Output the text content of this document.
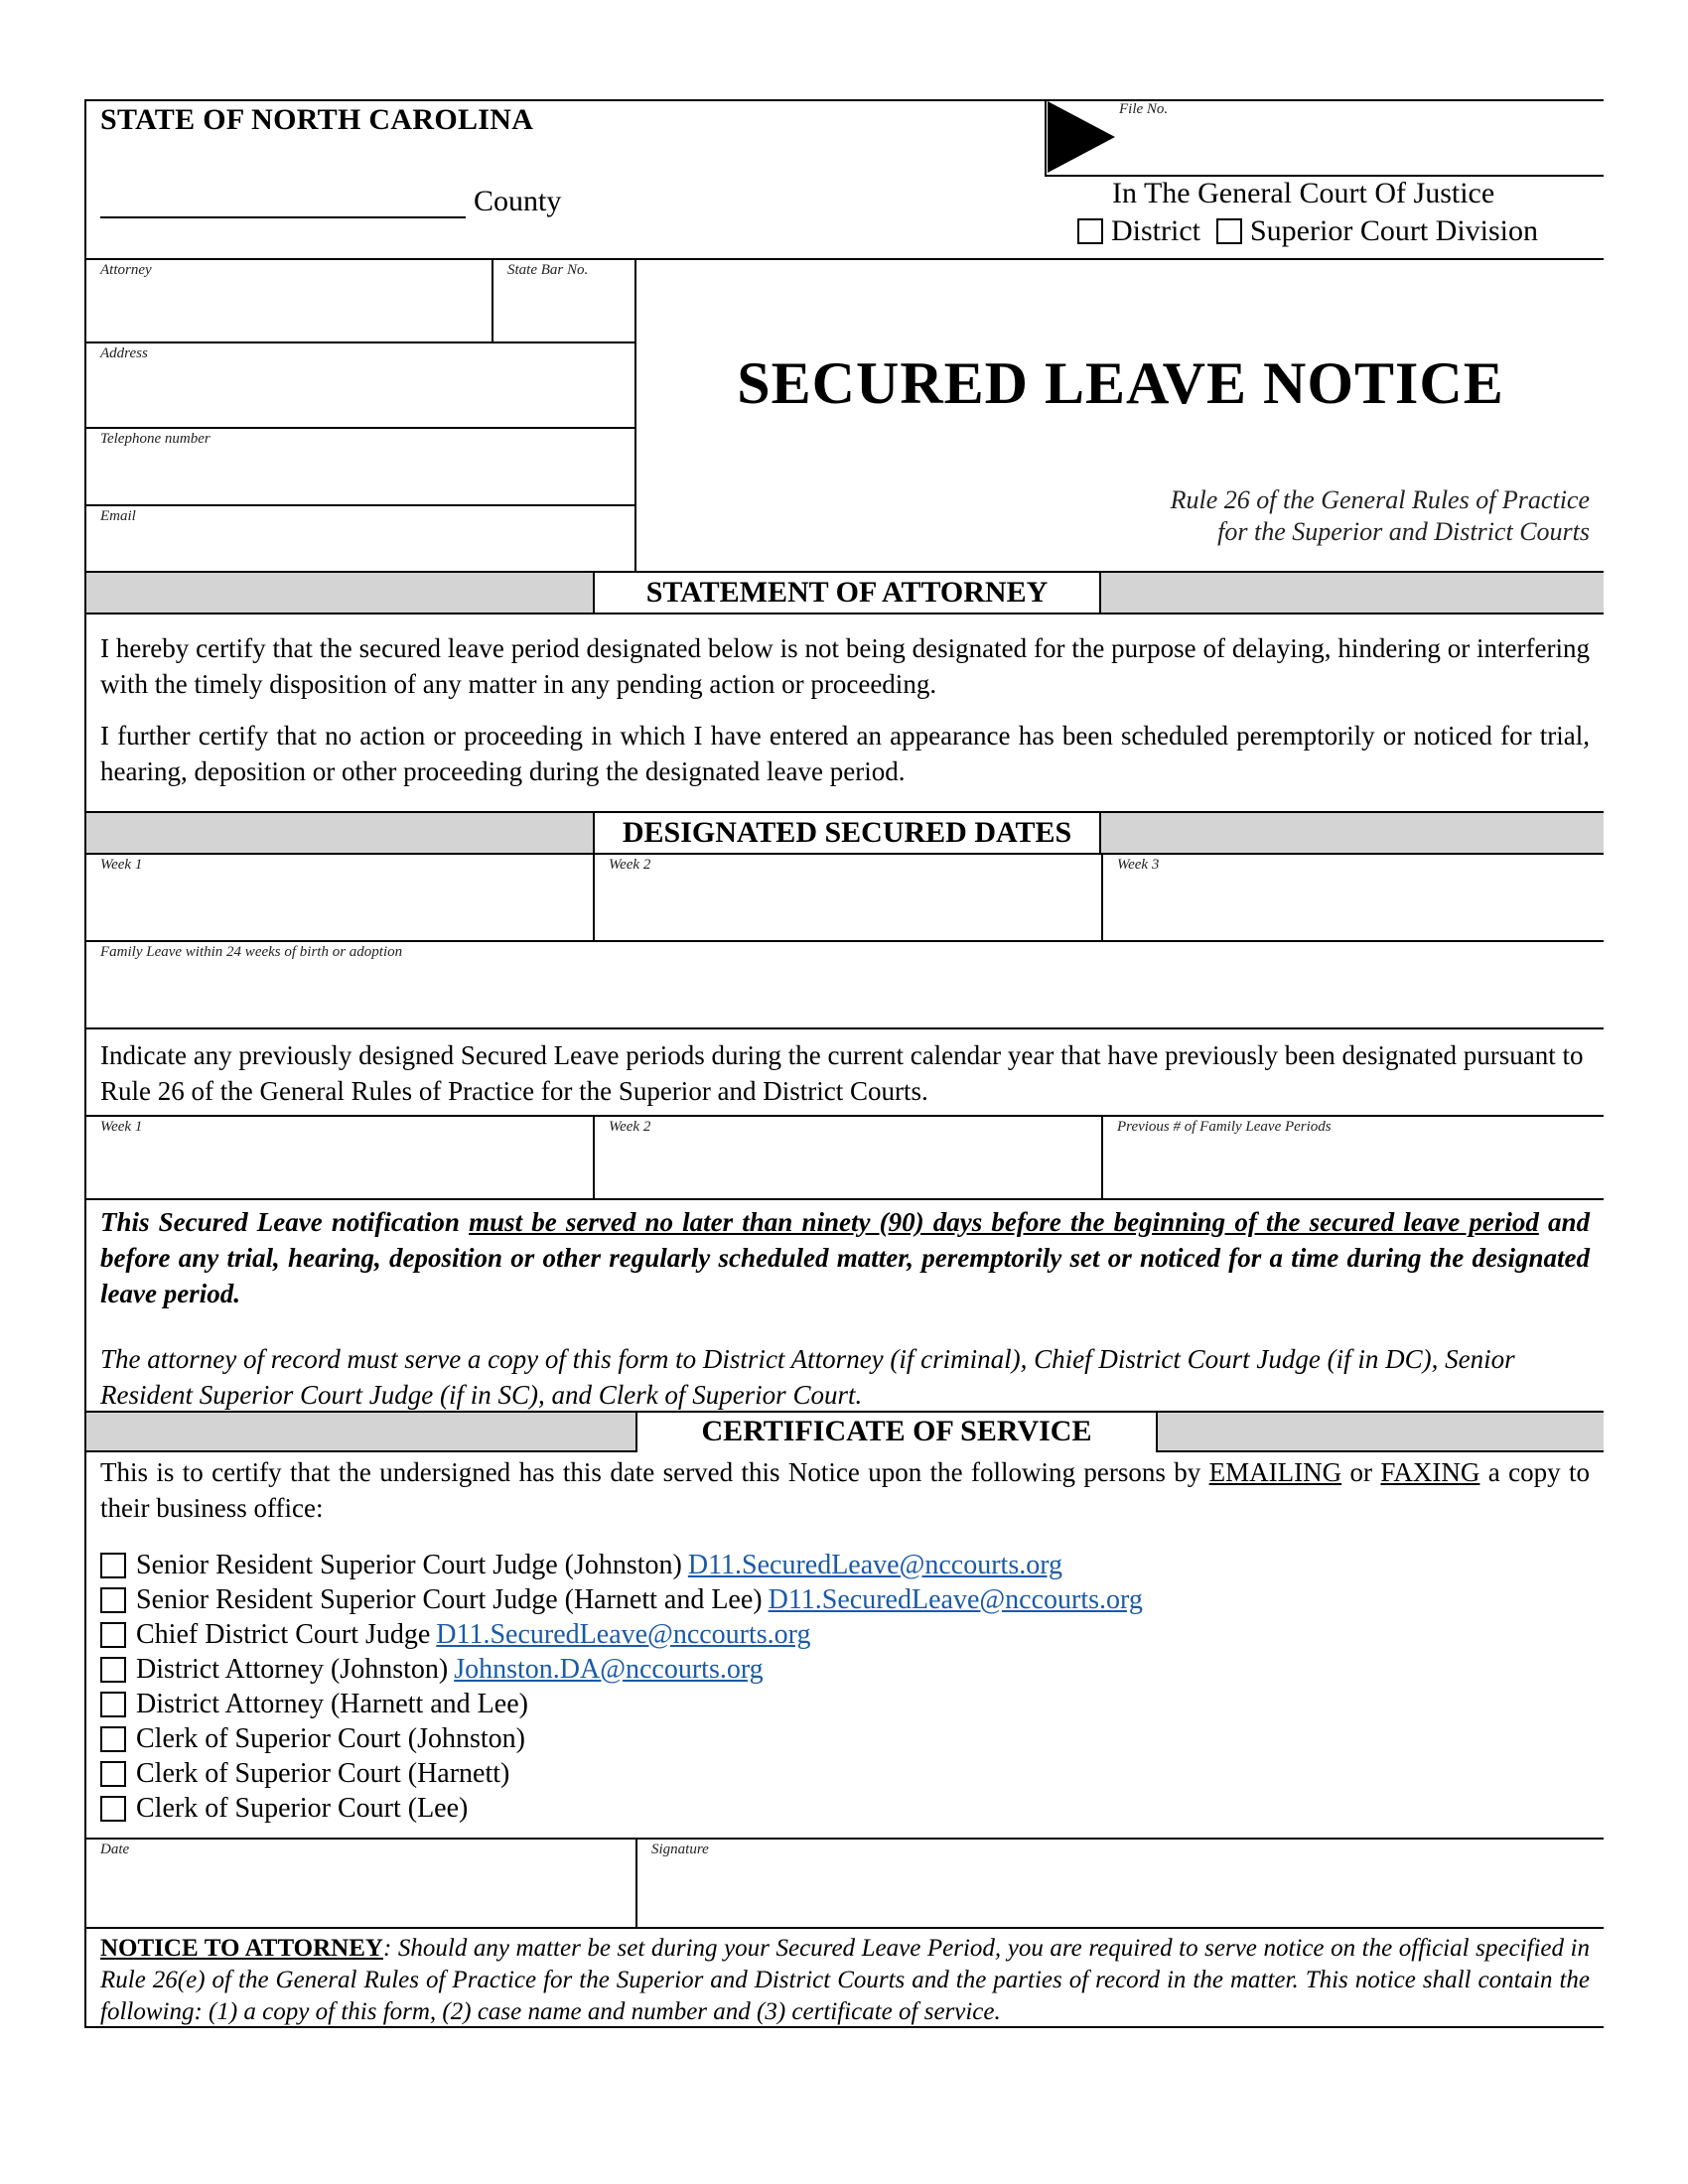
STATE OF NORTH CAROLINA
County
File No.
In The General Court Of Justice
District Superior Court Division
Attorney	State Bar No.
Address
Telephone number
Email
SECURED LEAVE NOTICE
Rule 26 of the General Rules of Practice
for the Superior and District Courts
STATEMENT OF ATTORNEY

I hereby certify that the secured leave period designated below is not being designated for the purpose of delaying, hindering or interfering with the timely disposition of any matter in any pending action or proceeding.

I further certify that no action or proceeding in which I have entered an appearance has been scheduled peremptorily or noticed for trial, hearing, deposition or other proceeding during the designated leave period.

DESIGNATED SECURED DATES
Week 1	Week 2	Week 3
Family Leave within 24 weeks of birth or adoption

Indicate any previously designed Secured Leave periods during the current calendar year that have previously been designated pursuant to Rule 26 of the General Rules of Practice for the Superior and District Courts.

Week 1	Week 2	Previous # of Family Leave Periods

This Secured Leave notification must be served no later than ninety (90) days before the beginning of the secured leave period and before any trial, hearing, deposition or other regularly scheduled matter, peremptorily set or noticed for a time during the designated leave period.

The attorney of record must serve a copy of this form to District Attorney (if criminal), Chief District Court Judge (if in DC), Senior Resident Superior Court Judge (if in SC), and Clerk of Superior Court.

CERTIFICATE OF SERVICE

This is to certify that the undersigned has this date served this Notice upon the following persons by EMAILING or FAXING a copy to their business office:

Senior Resident Superior Court Judge (Johnston) D11.SecuredLeave@nccourts.org
Senior Resident Superior Court Judge (Harnett and Lee) D11.SecuredLeave@nccourts.org
Chief District Court Judge D11.SecuredLeave@nccourts.org
District Attorney (Johnston) Johnston.DA@nccourts.org
District Attorney (Harnett and Lee)
Clerk of Superior Court (Johnston)
Clerk of Superior Court (Harnett)
Clerk of Superior Court (Lee)
Date	Signature

NOTICE TO ATTORNEY: Should any matter be set during your Secured Leave Period, you are required to serve notice on the official specified in Rule 26(e) of the General Rules of Practice for the Superior and District Courts and the parties of record in the matter. This notice shall contain the following: (1) a copy of this form, (2) case name and number and (3) certificate of service.
